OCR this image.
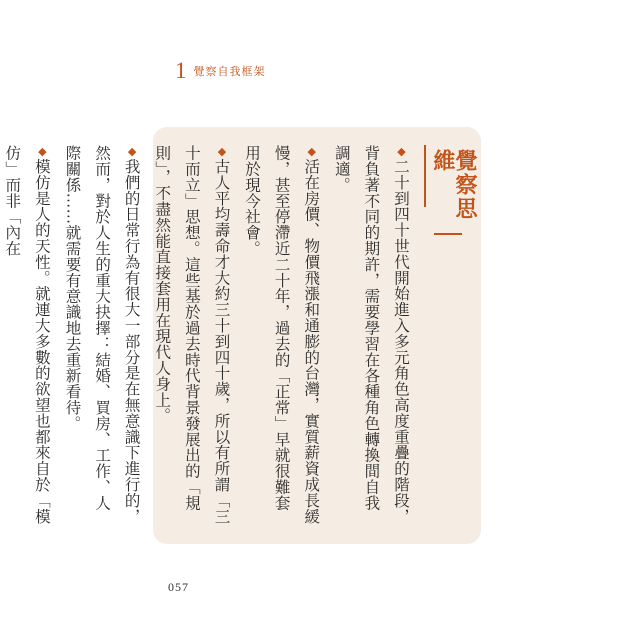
1 覺察自我框架
覺察思維

◆二十到四十世代開始進入多元角色高度重疊的階段，背負著不同的期許，需要學習在各種角色轉換間自我調適。

◆活在房價、物價飛漲和通膨的台灣，實質薪資成長緩慢，甚至停滯近二十年，過去的「正常」早就很難套用於現今社會。

◆古人平均壽命才大約三十到四十歲，所以有所謂「三十而立」思想。這些基於過去時代背景發展出的「規則」，不盡然能直接套用在現代人身上。

◆我們的日常行為有很大一部分是在無意識下進行的，然而，對於人生的重大抉擇：結婚、買房、工作、人際關係……就需要有意識地去重新看待。

◆模仿是人的天性。就連大多數的欲望也都來自於「模仿」而非「內在

057
